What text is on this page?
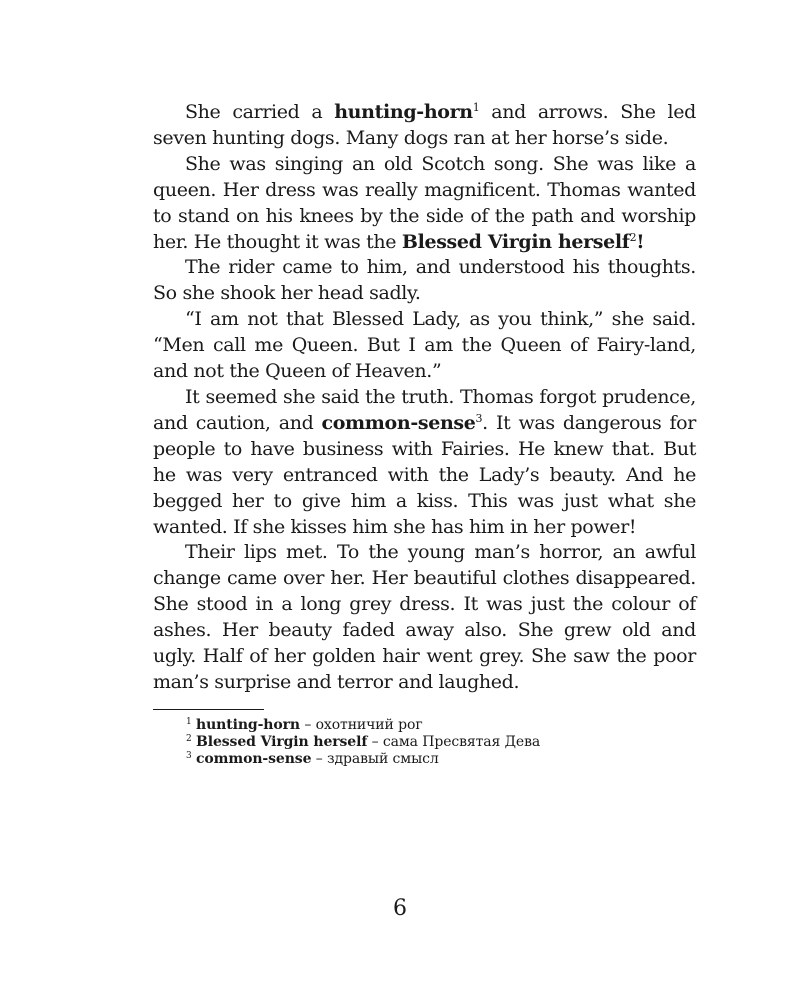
She carried a hunting-horn$^1$ and arrows. She led seven hunting dogs. Many dogs ran at her horse’s side.

She was singing an old Scotch song. She was like a queen. Her dress was really magnificent. Thomas wanted to stand on his knees by the side of the path and worship her. He thought it was the Blessed Virgin herself$^2$!

The rider came to him, and understood his thoughts. So she shook her head sadly.

“I am not that Blessed Lady, as you think,” she said. “Men call me Queen. But I am the Queen of Fairy-land, and not the Queen of Heaven.”

It seemed she said the truth. Thomas forgot prudence, and caution, and common-sense$^3$. It was dangerous for people to have business with Fairies. He knew that. But he was very entranced with the Lady’s beauty. And he begged her to give him a kiss. This was just what she wanted. If she kisses him she has him in her power!

Their lips met. To the young man’s horror, an awful change came over her. Her beautiful clothes disappeared. She stood in a long grey dress. It was just the colour of ashes. Her beauty faded away also. She grew old and ugly. Half of her golden hair went grey. She saw the poor man’s surprise and terror and laughed.

$^1$ hunting-horn – охотничий рог
$^2$ Blessed Virgin herself – сама Пресвятая Дева
$^3$ common-sense – здравый смысл
6
